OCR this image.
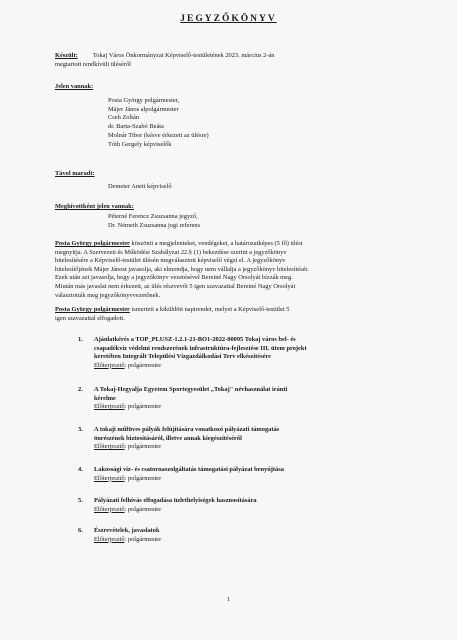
JEGYZŐKÖNYV
Készült: Tokaj Város Önkormányzat Képviselő-testületének 2023. március 2-án
megtartott rendkívüli üléséről
Jelen vannak:
Posta György polgármester,
Májer János alpolgármester
Cseh Zoltán
dr. Barta-Szabó Beáta
Molnár Tibor (késve érkezett az ülésre)
Tóth Gergely képviselők
Távol maradt:
Demeter Anett képviselő
Meghívottként jelen vannak:
Péterné Ferencz Zsuzsanna jegyző,
Dr. Németh Zsuzsanna jogi referens
Posta György polgármester köszönti a megjelenteket, vendégeket, a határozatképes (5 fő) ülést
megnyitja. A Szervezeti és Működési Szabályzat 22.§ (1) bekezdése szerint a jegyzőkönyv
hitelesítésére a Képviselő-testület ülésén megválasztott képviselő végzi el. A jegyzőkönyv
hitelesítőjének Májer Jánost javasolja, aki elmondja, hogy nem vállalja a jegyzőkönyv hitelesítését.
Ezek után azt javasolja, hogy a jegyzőkönyv vezetésével Bereiné Nagy Orsolyát bízzák meg.
Miután más javaslat nem érkezett, az ülés részvevői 5 igen szavazattal Bereiné Nagy Orsolyát
választották meg jegyzőkönyvvezetőnek.
Posta György polgármester ismerteti a kiküldött napirendet, melyet a Képviselő-testület 5
igen szavazattal elfogadott.
1. Ajánlatkérés a TOP_PLUSZ-1.2.1-21-BO1-2022-00095 Tokaj város bel- és
csapadékvíz védelmi rendszerének infrastruktúra-fejlesztése III. ütem projekt
keretében Integrált Települési Vízgazdálkodási Terv elkészítésére
Előterjesztő: polgármester
2. A Tokaj-Hegyalja Egyetem Sportegyesület „Tokaj" névhasználat iránti
kérelme
Előterjesztő: polgármester
3. A tokaji műfüves pályák felújítására vonatkozó pályázati támogatás
önrészének biztosításáról, illetve annak kiegészítéséről
Előterjesztő: polgármester
4. Lakossági víz- és csatornaszolgáltatás támogatási pályázat benyújtása
Előterjesztő: polgármester
5. Pályázati felhívás elfogadása üzlethelyiségek hasznosítására
Előterjesztő: polgármester
6. Észrevételek, javaslatok
Előterjesztő: polgármester
1
